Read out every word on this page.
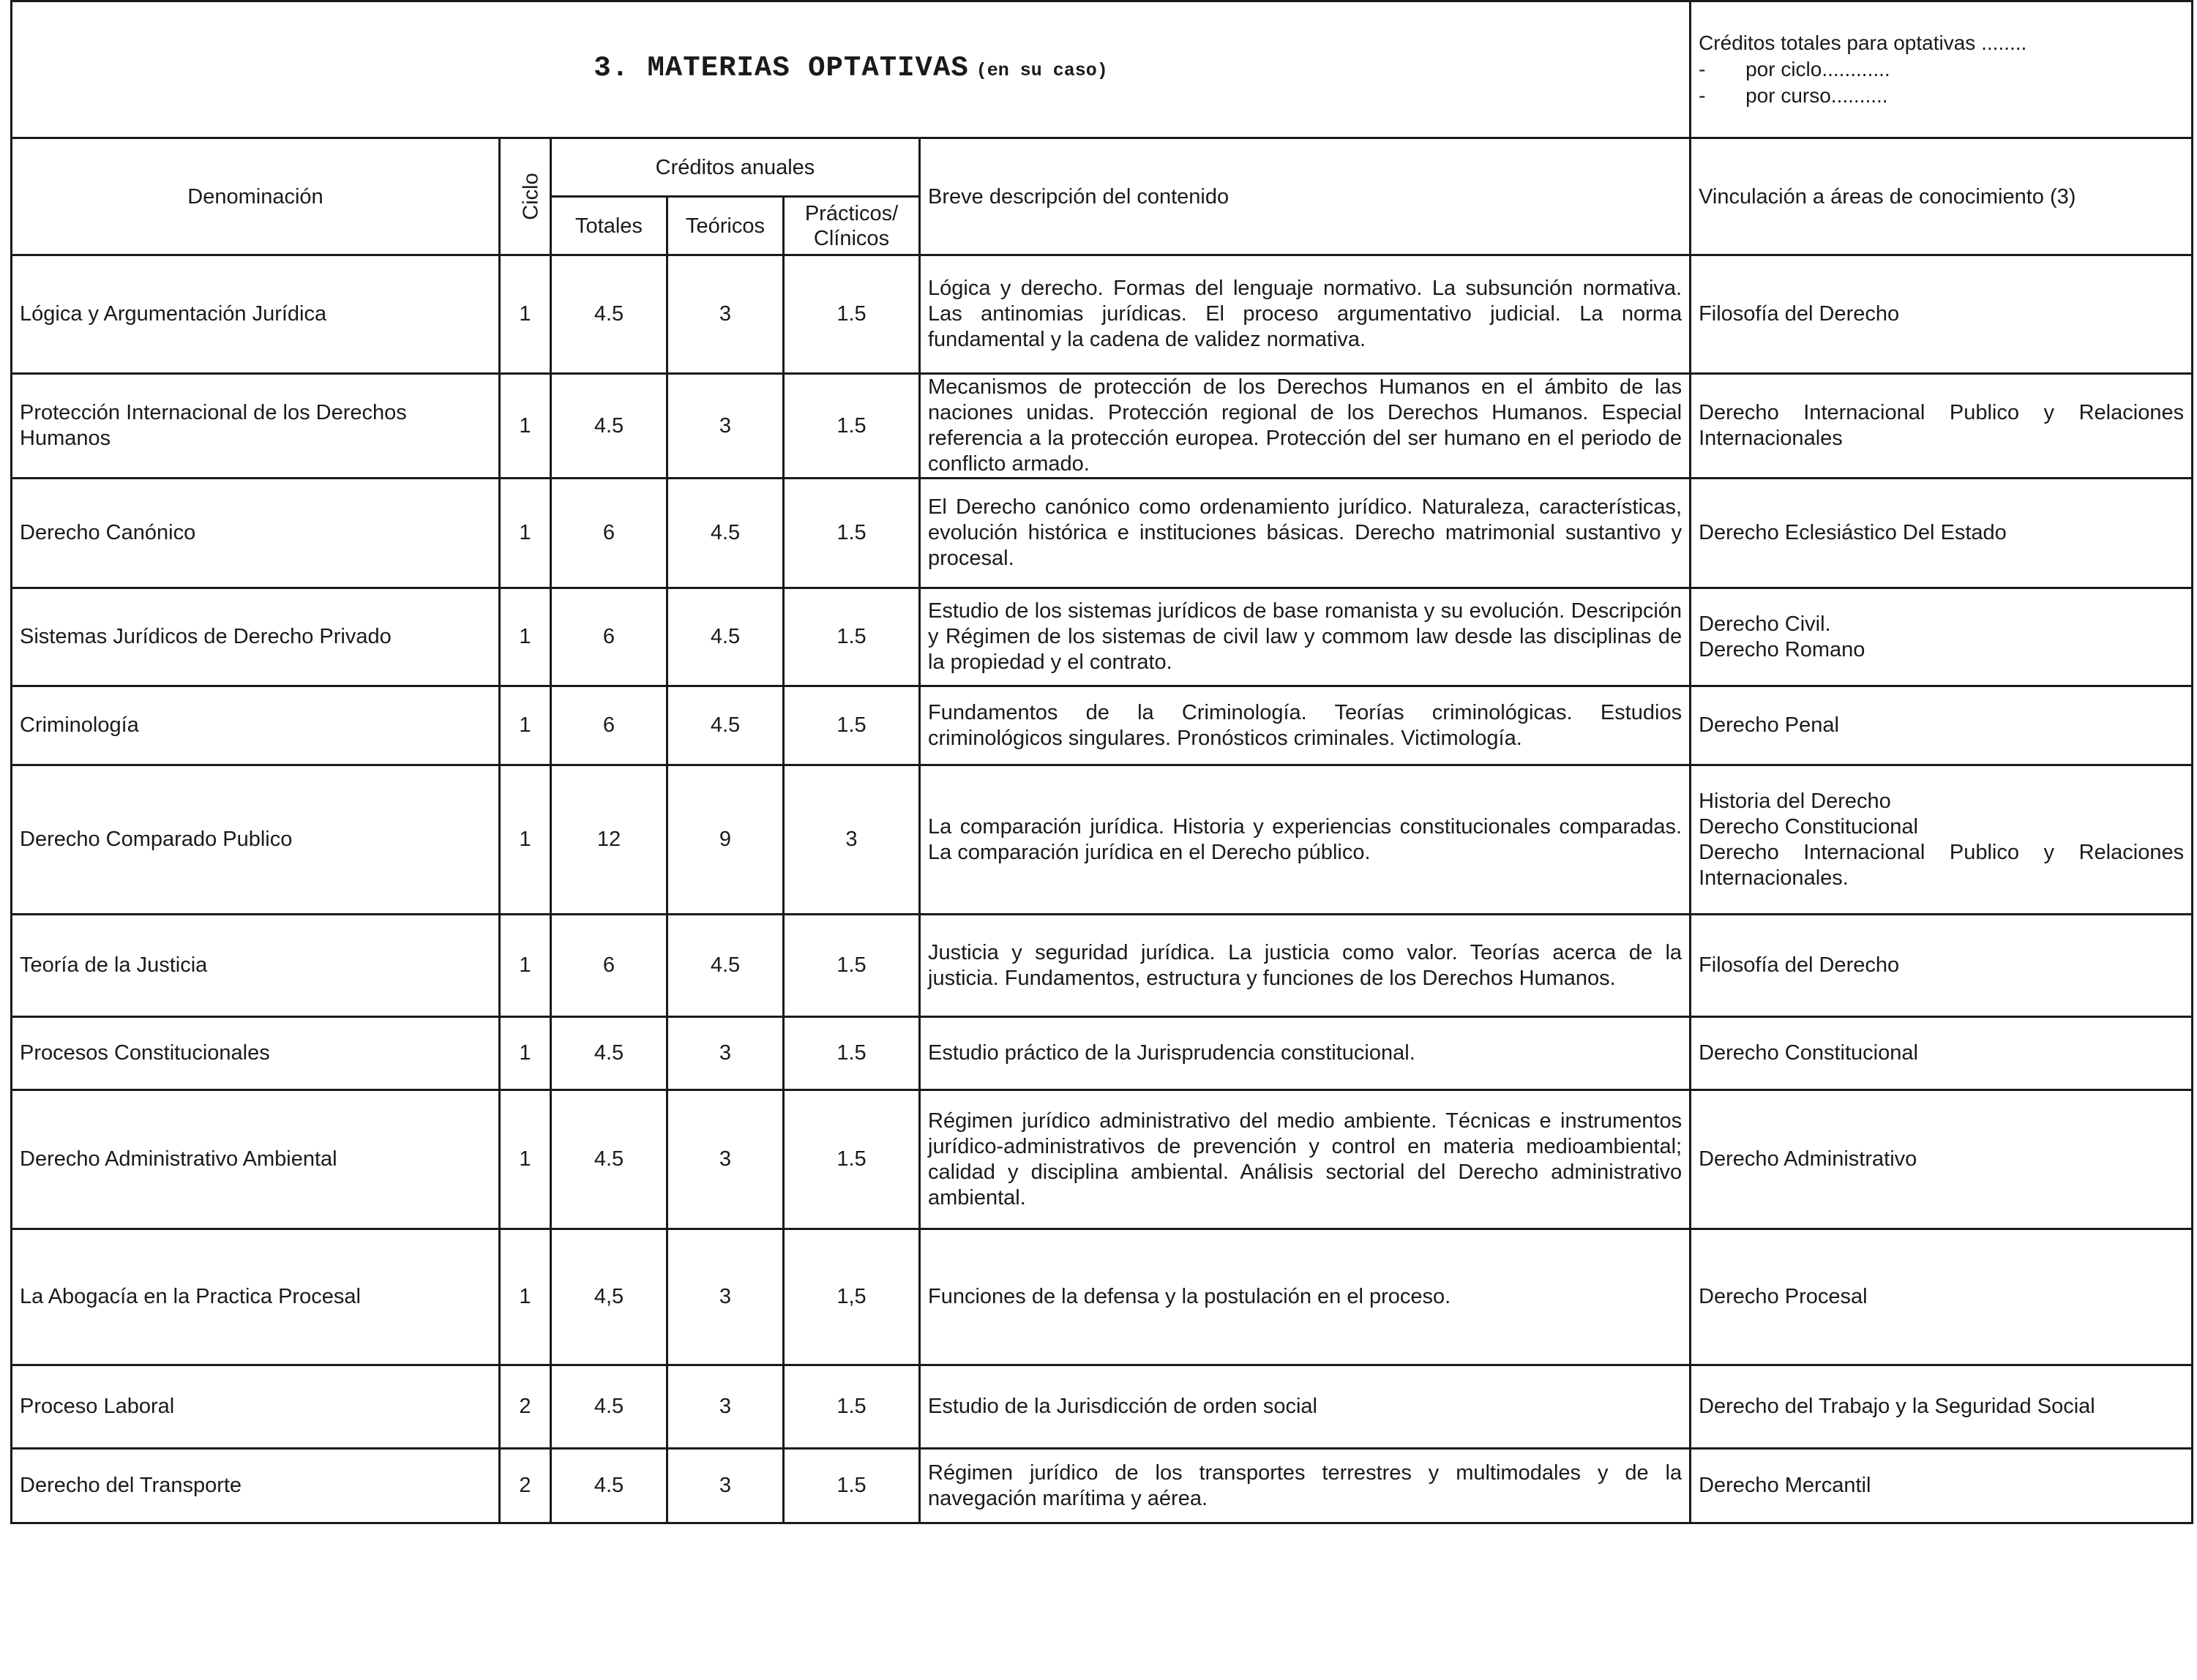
3. MATERIAS OPTATIVAS (en su caso)						Créditos totales para optativas ........
- por ciclo............
- por curso..........

Denominación	Ciclo	Créditos anuales			Breve descripción del contenido	Vinculación a áreas de conocimiento (3)
		Totales	Teóricos	Prácticos/ Clínicos		
Lógica y Argumentación Jurídica	1	4.5	3	1.5	Lógica y derecho. Formas del lenguaje normativo. La subsunción normativa. Las antinomias jurídicas. El proceso argumentativo judicial. La norma fundamental y la cadena de validez normativa.	Filosofía del Derecho

Protección Internacional de los Derechos Humanos	1	4.5	3	1.5	Mecanismos de protección de los Derechos Humanos en el ámbito de las naciones unidas. Protección regional de los Derechos Humanos. Especial referencia a la protección europea. Protección del ser humano en el periodo de conflicto armado.	Derecho Internacional Publico y Relaciones
Internacionales

Derecho Canónico	1	6	4.5	1.5	El Derecho canónico como ordenamiento jurídico. Naturaleza, características, evolución histórica e instituciones básicas. Derecho matrimonial sustantivo y procesal.	Derecho Eclesiástico Del Estado

Sistemas Jurídicos de Derecho Privado	1	6	4.5	1.5	Estudio de los sistemas jurídicos de base romanista y su evolución. Descripción y Régimen de los sistemas de civil law y commom law desde las disciplinas de la propiedad y el contrato.	Derecho Civil.
Derecho Romano

Criminología	1	6	4.5	1.5	Fundamentos de la Criminología. Teorías criminológicas. Estudios criminológicos singulares. Pronósticos criminales. Victimología.	Derecho Penal

Derecho Comparado Publico	1	12	9	3	La comparación jurídica. Historia y experiencias constitucionales comparadas. La comparación jurídica en el Derecho público.	Historia del Derecho
Derecho Constitucional
Derecho Internacional Publico y Relaciones
Internacionales.

Teoría de la Justicia	1	6	4.5	1.5	Justicia y seguridad jurídica. La justicia como valor. Teorías acerca de la justicia. Fundamentos, estructura y funciones de los Derechos Humanos.	Filosofía del Derecho

Procesos Constitucionales	1	4.5	3	1.5	Estudio práctico de la Jurisprudencia constitucional.	Derecho Constitucional

Derecho Administrativo Ambiental	1	4.5	3	1.5	Régimen jurídico administrativo del medio ambiente. Técnicas e instrumentos jurídico-administrativos de prevención y control en materia medioambiental; calidad y disciplina ambiental. Análisis sectorial del Derecho administrativo ambiental.	Derecho Administrativo

La Abogacía en la Practica Procesal	1	4,5	3	1,5	Funciones de la defensa y la postulación en el proceso.	Derecho Procesal

Proceso Laboral	2	4.5	3	1.5	Estudio de la Jurisdicción de orden social	Derecho del Trabajo y la Seguridad Social

Derecho del Transporte	2	4.5	3	1.5	Régimen jurídico de los transportes terrestres y multimodales y de la navegación marítima y aérea.	Derecho Mercantil
